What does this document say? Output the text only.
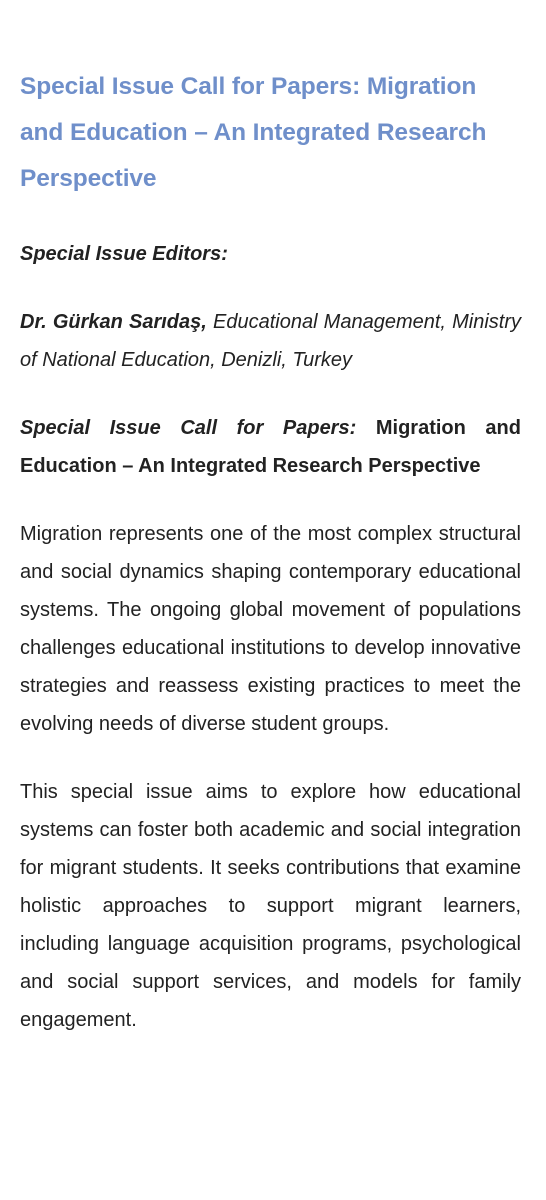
Special Issue Call for Papers: Migration and Education – An Integrated Research Perspective
Special Issue Editors:
Dr. Gürkan Sarıdaş, Educational Management, Ministry of National Education, Denizli, Turkey
Special Issue Call for Papers: Migration and Education – An Integrated Research Perspective

Migration represents one of the most complex structural and social dynamics shaping contemporary educational systems. The ongoing global movement of populations challenges educational institutions to develop innovative strategies and reassess existing practices to meet the evolving needs of diverse student groups.

This special issue aims to explore how educational systems can foster both academic and social integration for migrant students. It seeks contributions that examine holistic approaches to support migrant learners, including language acquisition programs, psychological and social support services, and models for family engagement.
